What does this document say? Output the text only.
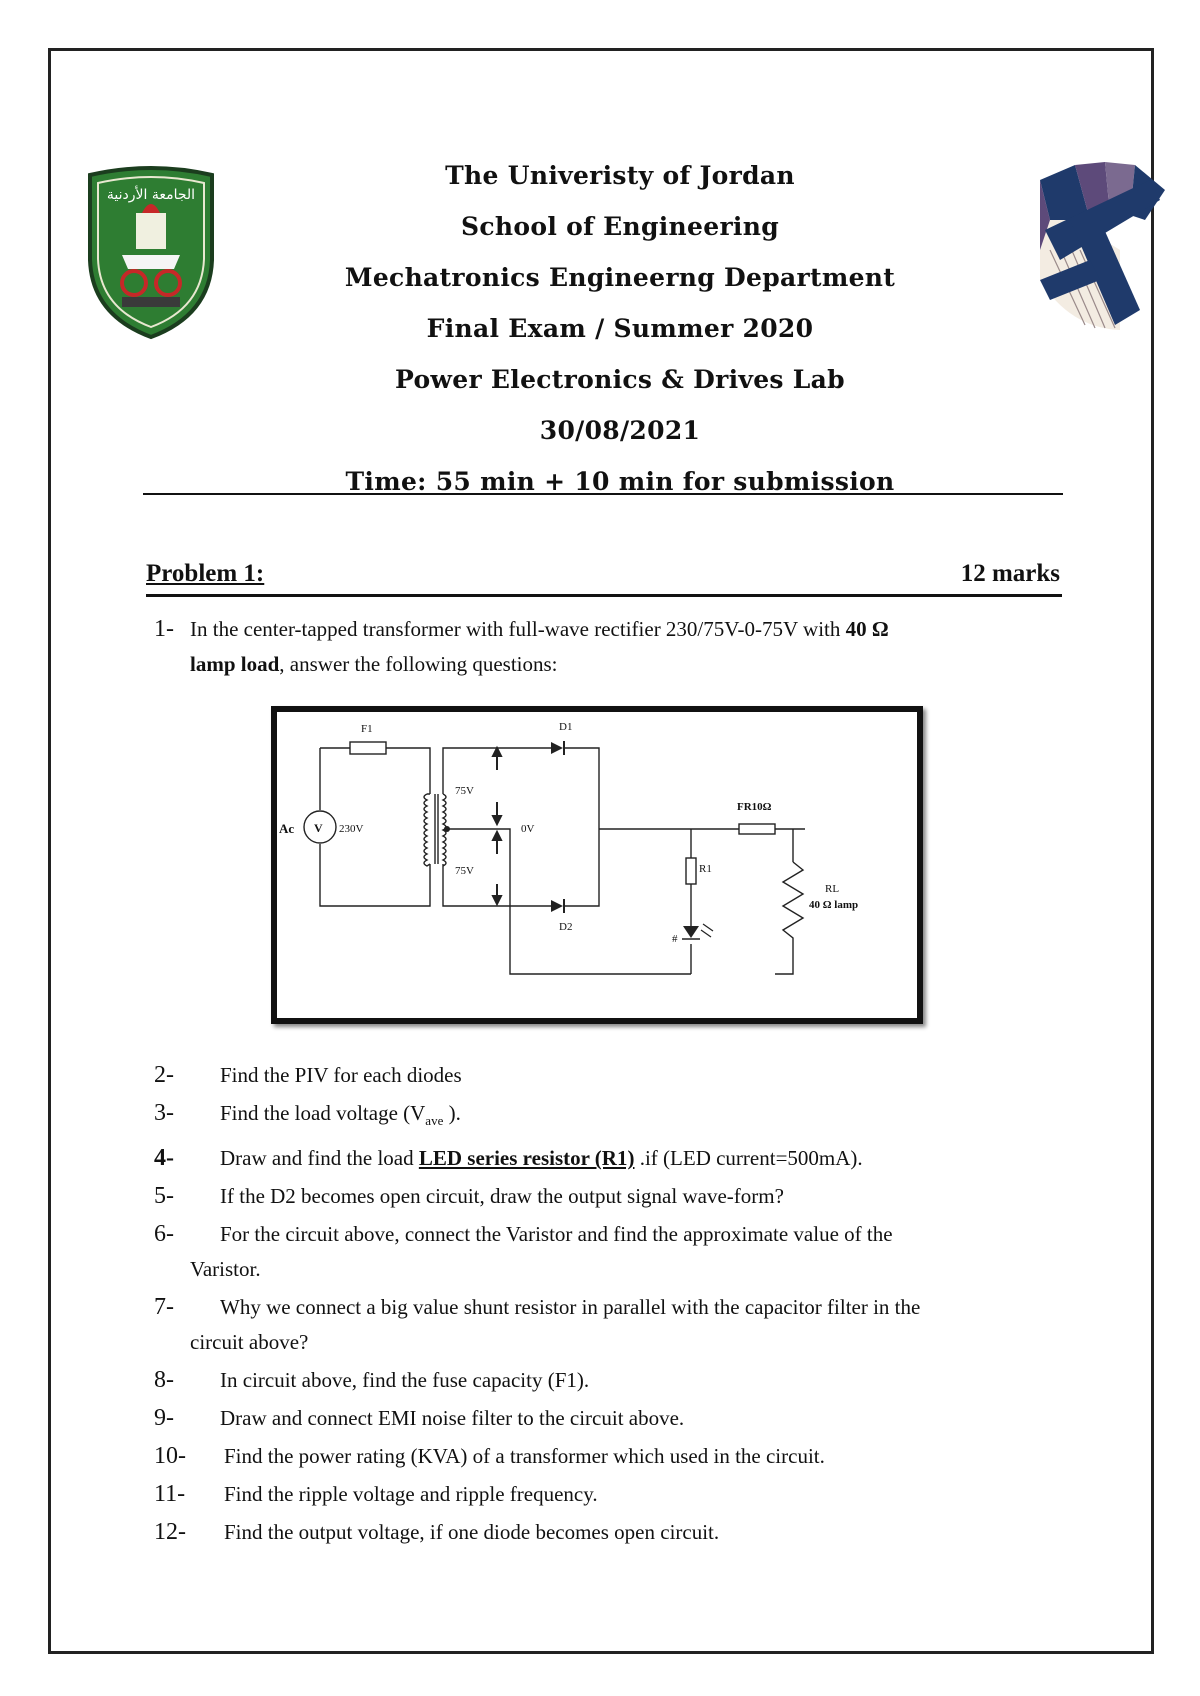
الجامعة الأردنية
The Univeristy of Jordan
School of Engineering
Mechatronics Engineerng Department
Final Exam / Summer 2020
Power Electronics & Drives Lab
30/08/2021
Time: 55 min + 10 min for submission
Problem 1:	12 marks
1- In the center-tapped transformer with full-wave rectifier 230/75V-0-75V with 40 Ω
lamp load, answer the following questions:
F1
V
Ac	230V
75V
75V
0V
D1
D2
FR10Ω
R1
RL
40 Ω lamp
#
2-	Find the PIV for each diodes
3-	Find the load voltage ($V_{ave}$ ).
4-	Draw and find the load LED series resistor (R1) .if (LED current=500mA).
5-	If the D2 becomes open circuit, draw the output signal wave-form?
6-	For the circuit above, connect the Varistor and find the approximate value of the
Varistor.
7-	Why we connect a big value shunt resistor in parallel with the capacitor filter in the
circuit above?
8-	In circuit above, find the fuse capacity (F1).
9-	Draw and connect EMI noise filter to the circuit above.
10-	Find the power rating (KVA) of a transformer which used in the circuit.
11-	Find the ripple voltage and ripple frequency.
12-	Find the output voltage, if one diode becomes open circuit.
